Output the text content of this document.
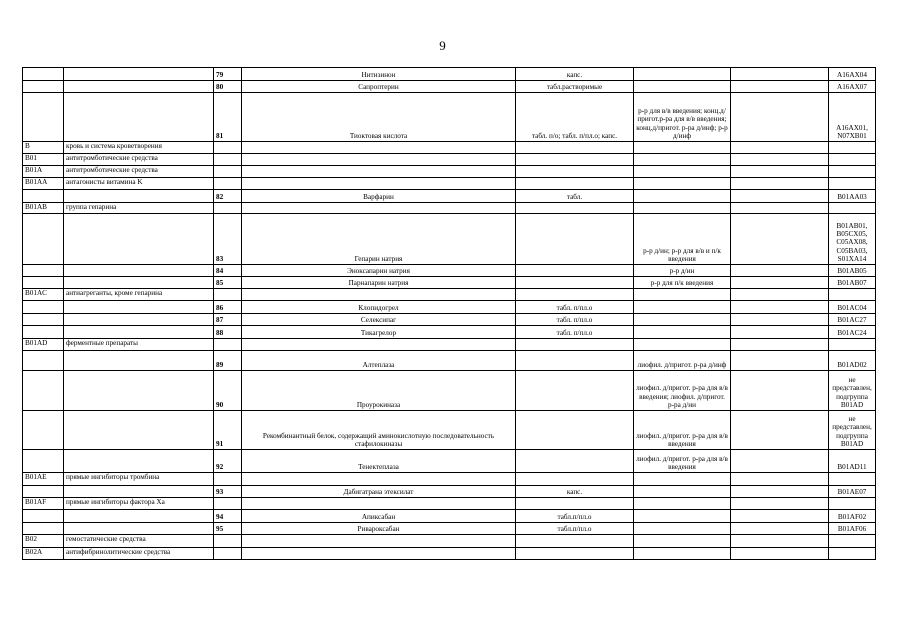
9
		79	Нитизинон	капс.			A16AX04
		80	Сапроптерин	табл.растворимые			A16AX07
		81	Тиоктовая кислота	табл. п/о; табл. п/пл.о; капс.	р-р для в/в введения; конц.д/пригот.р-ра для в/в введения; конц.д/пригот. р-ра д/инф; р-р д/инф		A16AX01, N07XB01
B	кровь и система кроветворения						
B01	антитромботические средства						
B01A	антитромботические средства						
B01AA	антагонисты витамина K						
		82	Варфарин	табл.			B01AA03
B01AB	группа гепарина						
		83	Гепарин натрия		р-р д/ин; р-р для в/в и п/к введения		B01AB01, B05CX05, C05AX08, C05BA03, S01XA14
		84	Эноксапарин натрия		р-р д/ин		B01AB05
		85	Парнапарин натрия		р-р для п/к введения		B01AB07
B01AC	антиагреганты, кроме гепарина						
		86	Клопидогрел	табл. п/пл.о			B01AC04
		87	Селексипаг	табл. п/пл.о			B01AC27
		88	Тикагрелор	табл. п/пл.о			B01AC24
B01AD	ферментные препараты						
		89	Алтеплаза		лиофил. д/пригот. р-ра д/инф		B01AD02
		90	Проурокиназа		лиофил. д/пригот. р-ра для в/в введения; лиофил. д/пригот. р-ра д/ин		не представлен, подгруппа B01AD
		91	Рекомбинантный белок, содержащий аминокислотную последовательность стафилокиназы		лиофил. д/пригот. р-ра для в/в введения		не представлен, подгруппа B01AD
		92	Тенектеплаза		лиофил. д/пригот. р-ра для в/в введения		B01AD11
B01AE	прямые ингибиторы тромбина						
		93	Дабигатрана этексилат	капс.			B01AE07
B01AF	прямые ингибиторы фактора Xa						
		94	Апиксабан	табл.п/пл.о			B01AF02
		95	Ривароксабан	табл.п/пл.о			B01AF06
B02	гемостатические средства						
B02A	антифибринолитические средства						
